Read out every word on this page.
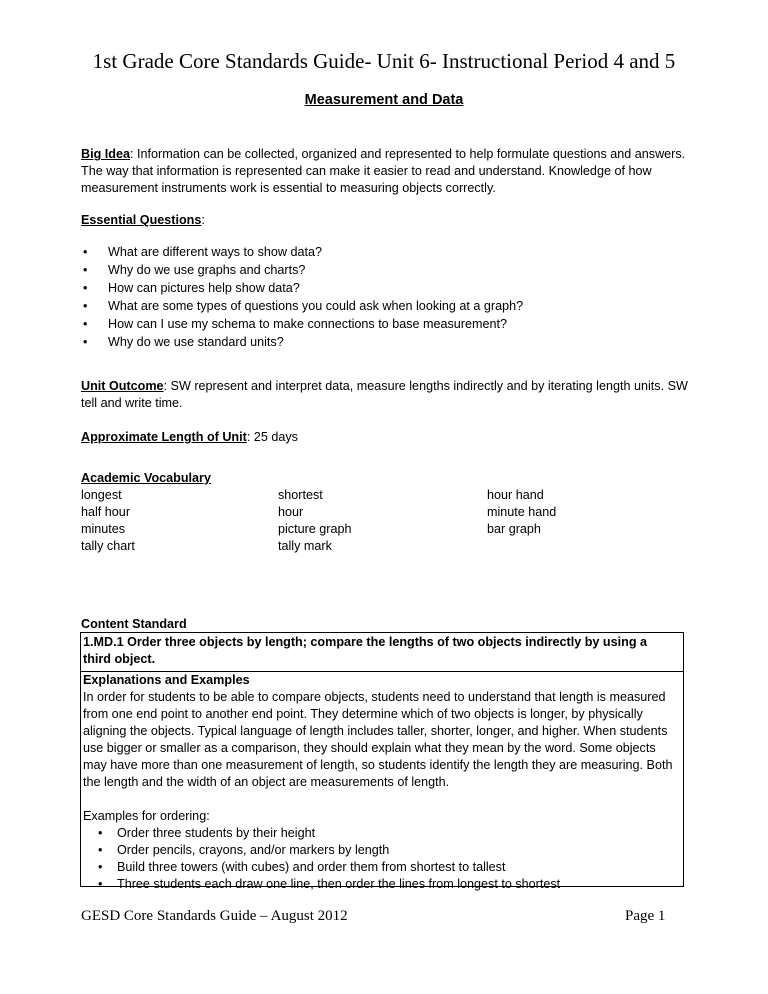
1st Grade Core Standards Guide- Unit 6- Instructional Period 4 and 5
Measurement and Data
Big Idea: Information can be collected, organized and represented to help formulate questions and answers. The way that information is represented can make it easier to read and understand. Knowledge of how measurement instruments work is essential to measuring objects correctly.
Essential Questions:
• What are different ways to show data?
• Why do we use graphs and charts?
• How can pictures help show data?
• What are some types of questions you could ask when looking at a graph?
• How can I use my schema to make connections to base measurement?
• Why do we use standard units?
Unit Outcome: SW represent and interpret data, measure lengths indirectly and by iterating length units. SW tell and write time.
Approximate Length of Unit: 25 days
Academic Vocabulary
longest
half hour
minutes
tally chart
shortest
hour
picture graph
tally mark
hour hand
minute hand
bar graph
Content Standard
1.MD.1 Order three objects by length; compare the lengths of two objects indirectly by using a third object.
Explanations and Examples
In order for students to be able to compare objects, students need to understand that length is measured from one end point to another end point. They determine which of two objects is longer, by physically aligning the objects. Typical language of length includes taller, shorter, longer, and higher. When students use bigger or smaller as a comparison, they should explain what they mean by the word. Some objects may have more than one measurement of length, so students identify the length they are measuring. Both the length and the width of an object are measurements of length.
Examples for ordering:
• Order three students by their height
• Order pencils, crayons, and/or markers by length
• Build three towers (with cubes) and order them from shortest to tallest
• Three students each draw one line, then order the lines from longest to shortest
GESD Core Standards Guide – August 2012	Page 1
